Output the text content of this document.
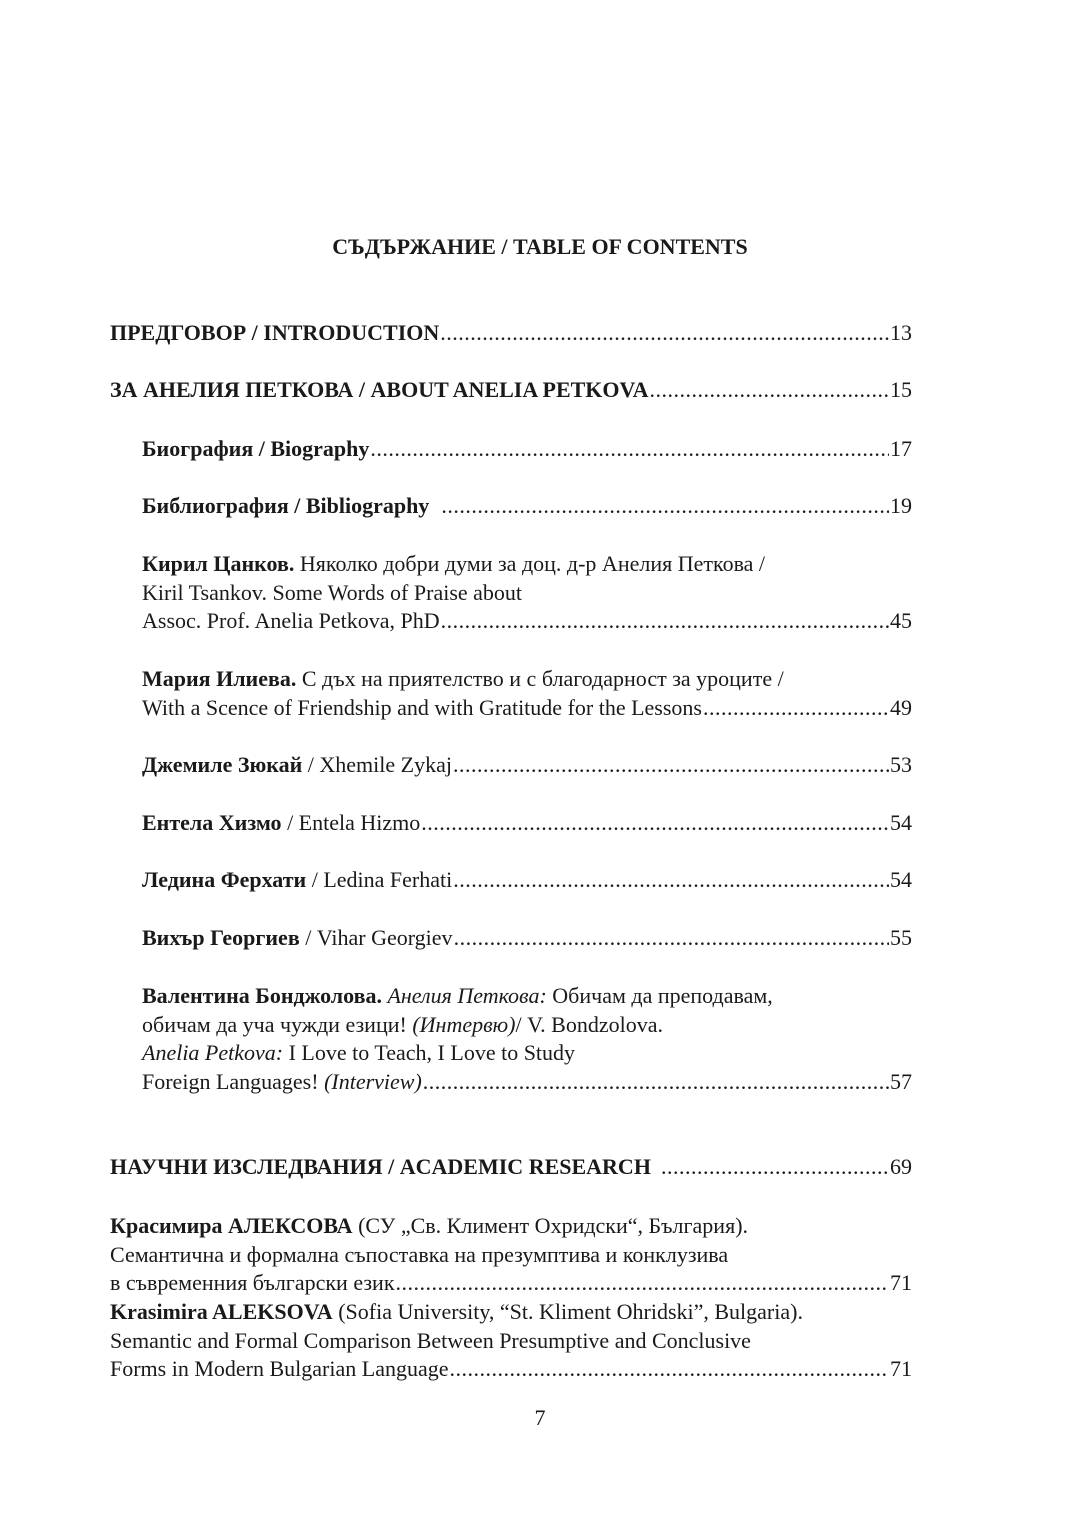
СЪДЪРЖАНИЕ / TABLE OF CONTENTS
ПРЕДГОВОР / INTRODUCTION .....	13
ЗА АНЕЛИЯ ПЕТКОВА / ABOUT ANELIA PETKOVA .....	15
Биография / Biography .....	17
Библиография / Bibliography .....	19
Кирил Цанков. Няколко добри думи за доц. д-р Анелия Петкова /
Kiril Tsankov. Some Words of Praise about
Assoc. Prof. Anelia Petkova, PhD .....	45
Мария Илиева. С дъх на приятелство и с благодарност за уроците /
With a Scence of Friendship and with Gratitude for the Lessons .....	49
Джемиле Зюкай / Xhemile Zykaj .....	53
Ентела Хизмо / Entela Hizmo .....	54
Ледина Ферхати / Ledina Ferhati .....	54
Вихър Георгиев / Vihar Georgiev .....	55
Валентина Бонджолова. Анелия Петкова: Обичам да преподавам,
обичам да уча чужди езици! (Интервю)/ V. Bondzolova.
Anelia Petkova: I Love to Teach, I Love to Study
Foreign Languages! (Interview) .....	57
НАУЧНИ ИЗСЛЕДВАНИЯ / ACADEMIC RESEARCH .....	69
Красимира АЛЕКСОВА (СУ „Св. Климент Охридски“, България).
Семантична и формална съпоставка на презумптива и конклузива
в съвременния български език .....	71
Krasimira ALEKSOVA (Sofia University, “St. Kliment Ohridski”, Bulgaria).
Semantic and Formal Comparison Between Presumptive and Conclusive
Forms in Modern Bulgarian Language .....	71
7
